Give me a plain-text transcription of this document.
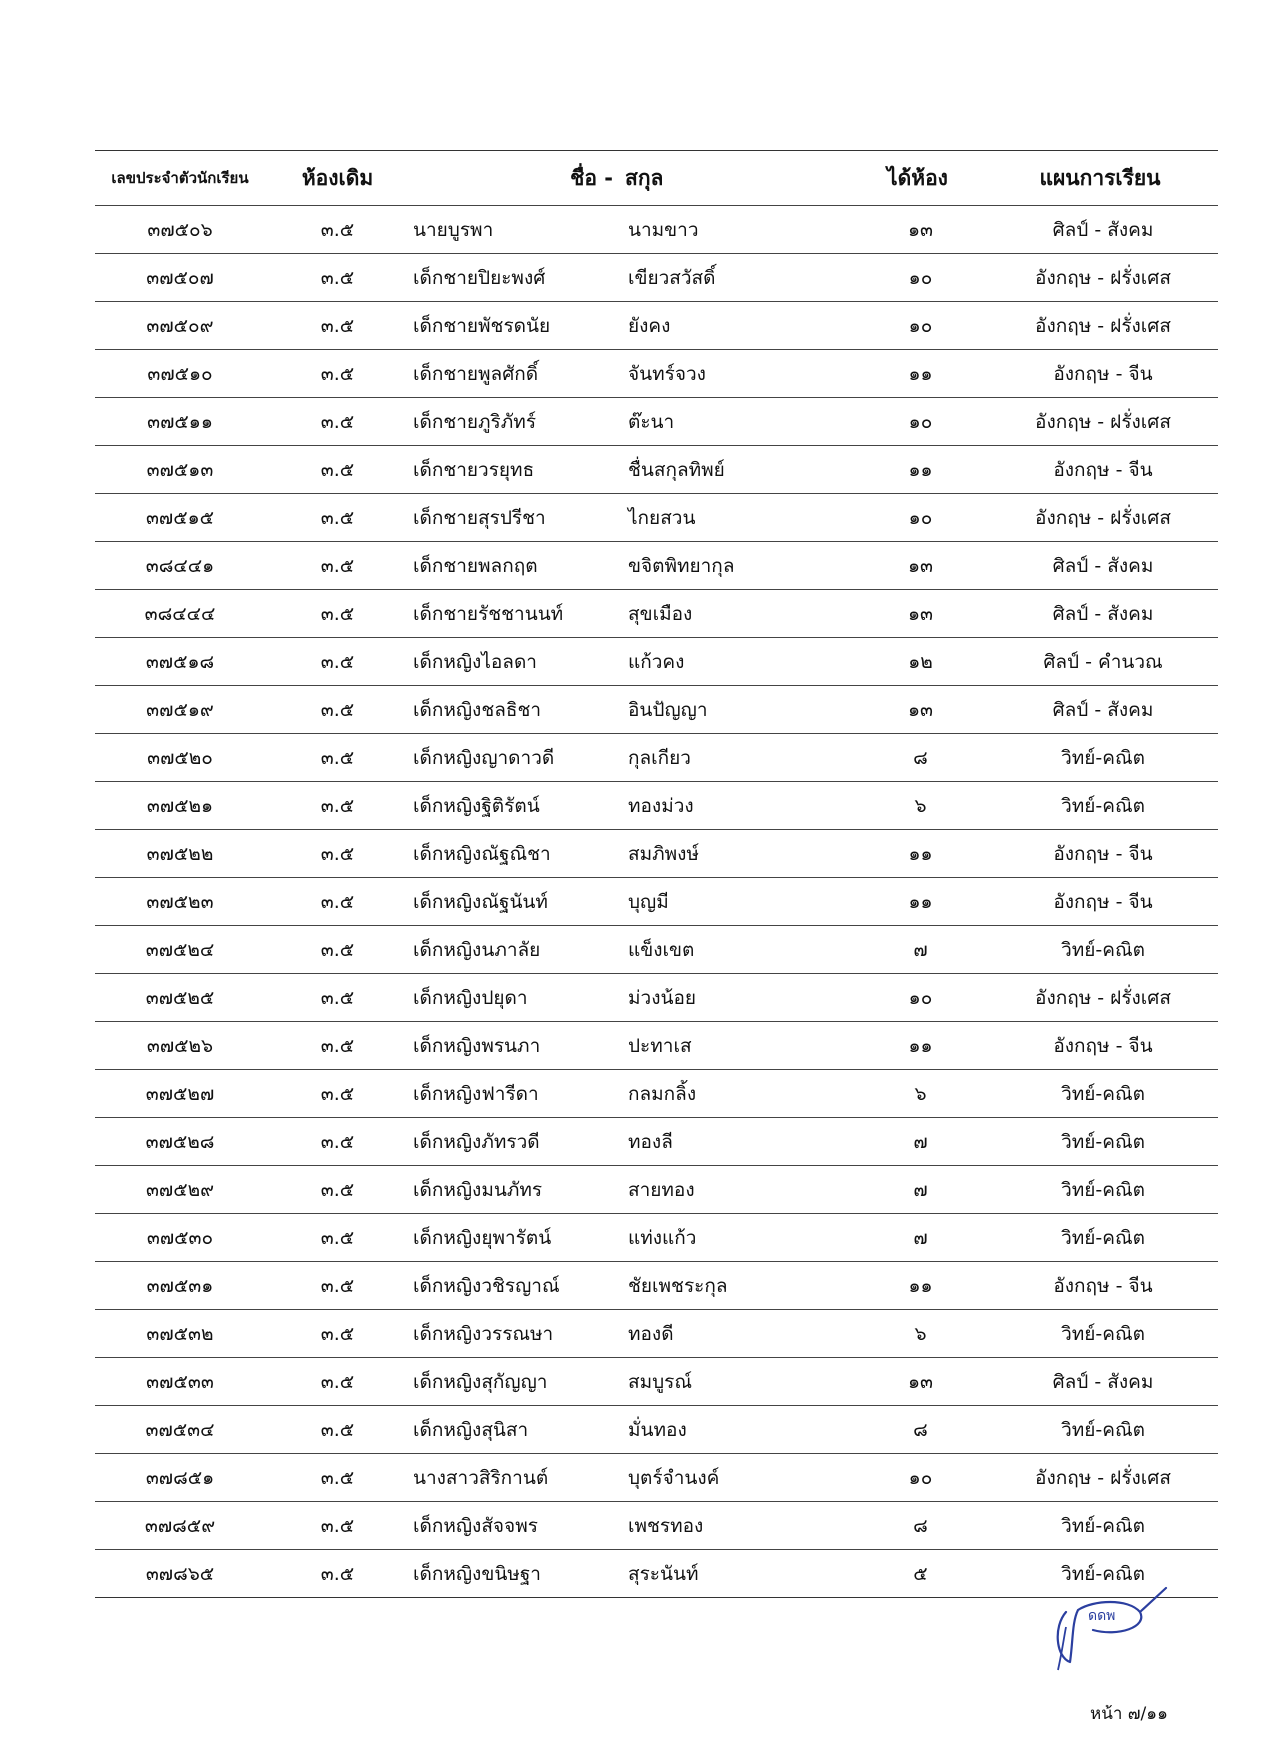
เลขประจำตัวนักเรียน	ห้องเดิม	ชื่อ - สกุล	ได้ห้อง	แผนการเรียน
๓๗๕๐๖	๓.๕	นายบูรพา	นามขาว	๑๓	ศิลป์ - สังคม
๓๗๕๐๗	๓.๕	เด็กชายปิยะพงศ์	เขียวสวัสดิ์	๑๐	อังกฤษ - ฝรั่งเศส
๓๗๕๐๙	๓.๕	เด็กชายพัชรดนัย	ยังคง	๑๐	อังกฤษ - ฝรั่งเศส
๓๗๕๑๐	๓.๕	เด็กชายพูลศักดิ์	จันทร์จวง	๑๑	อังกฤษ - จีน
๓๗๕๑๑	๓.๕	เด็กชายภูริภัทร์	ต๊ะนา	๑๐	อังกฤษ - ฝรั่งเศส
๓๗๕๑๓	๓.๕	เด็กชายวรยุทธ	ชื่นสกุลทิพย์	๑๑	อังกฤษ - จีน
๓๗๕๑๕	๓.๕	เด็กชายสุรปรีชา	ไกยสวน	๑๐	อังกฤษ - ฝรั่งเศส
๓๘๔๔๑	๓.๕	เด็กชายพลกฤต	ขจิตพิทยากุล	๑๓	ศิลป์ - สังคม
๓๘๔๔๔	๓.๕	เด็กชายรัชชานนท์	สุขเมือง	๑๓	ศิลป์ - สังคม
๓๗๕๑๘	๓.๕	เด็กหญิงไอลดา	แก้วคง	๑๒	ศิลป์ - คำนวณ
๓๗๕๑๙	๓.๕	เด็กหญิงชลธิชา	อินปัญญา	๑๓	ศิลป์ - สังคม
๓๗๕๒๐	๓.๕	เด็กหญิงญาดาวดี	กุลเกียว	๘	วิทย์-คณิต
๓๗๕๒๑	๓.๕	เด็กหญิงฐิติรัตน์	ทองม่วง	๖	วิทย์-คณิต
๓๗๕๒๒	๓.๕	เด็กหญิงณัฐณิชา	สมภิพงษ์	๑๑	อังกฤษ - จีน
๓๗๕๒๓	๓.๕	เด็กหญิงณัฐนันท์	บุญมี	๑๑	อังกฤษ - จีน
๓๗๕๒๔	๓.๕	เด็กหญิงนภาลัย	แข็งเขต	๗	วิทย์-คณิต
๓๗๕๒๕	๓.๕	เด็กหญิงปยุดา	ม่วงน้อย	๑๐	อังกฤษ - ฝรั่งเศส
๓๗๕๒๖	๓.๕	เด็กหญิงพรนภา	ปะทาเส	๑๑	อังกฤษ - จีน
๓๗๕๒๗	๓.๕	เด็กหญิงฟารีดา	กลมกลิ้ง	๖	วิทย์-คณิต
๓๗๕๒๘	๓.๕	เด็กหญิงภัทรวดี	ทองลี	๗	วิทย์-คณิต
๓๗๕๒๙	๓.๕	เด็กหญิงมนภัทร	สายทอง	๗	วิทย์-คณิต
๓๗๕๓๐	๓.๕	เด็กหญิงยุพารัตน์	แท่งแก้ว	๗	วิทย์-คณิต
๓๗๕๓๑	๓.๕	เด็กหญิงวชิรญาณ์	ชัยเพชระกุล	๑๑	อังกฤษ - จีน
๓๗๕๓๒	๓.๕	เด็กหญิงวรรณษา	ทองดี	๖	วิทย์-คณิต
๓๗๕๓๓	๓.๕	เด็กหญิงสุกัญญา	สมบูรณ์	๑๓	ศิลป์ - สังคม
๓๗๕๓๔	๓.๕	เด็กหญิงสุนิสา	มั่นทอง	๘	วิทย์-คณิต
๓๗๘๕๑	๓.๕	นางสาวสิริกานต์	บุตร์จำนงค์	๑๐	อังกฤษ - ฝรั่งเศส
๓๗๘๕๙	๓.๕	เด็กหญิงสัจจพร	เพชรทอง	๘	วิทย์-คณิต
๓๗๘๖๕	๓.๕	เด็กหญิงขนิษฐา	สุระนันท์	๕	วิทย์-คณิต
ดดพ
หน้า ๗/๑๑
